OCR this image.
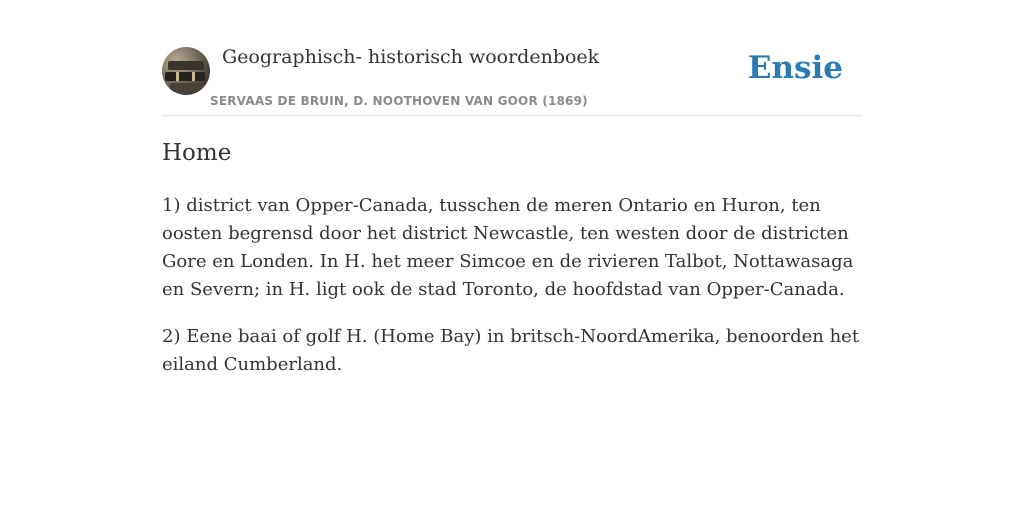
Geographisch- historisch woordenboek
SERVAAS DE BRUIN, D. NOOTHOVEN VAN GOOR (1869)
Ensie
Home

1) district van Opper-Canada, tusschen de meren Ontario en Huron, ten oosten begrensd door het district Newcastle, ten westen door de districten Gore en Londen. In H. het meer Simcoe en de rivieren Talbot, Nottawasaga en Severn; in H. ligt ook de stad Toronto, de hoofdstad van Opper-Canada.

2) Eene baai of golf H. (Home Bay) in britsch-NoordAmerika, benoorden het eiland Cumberland.
